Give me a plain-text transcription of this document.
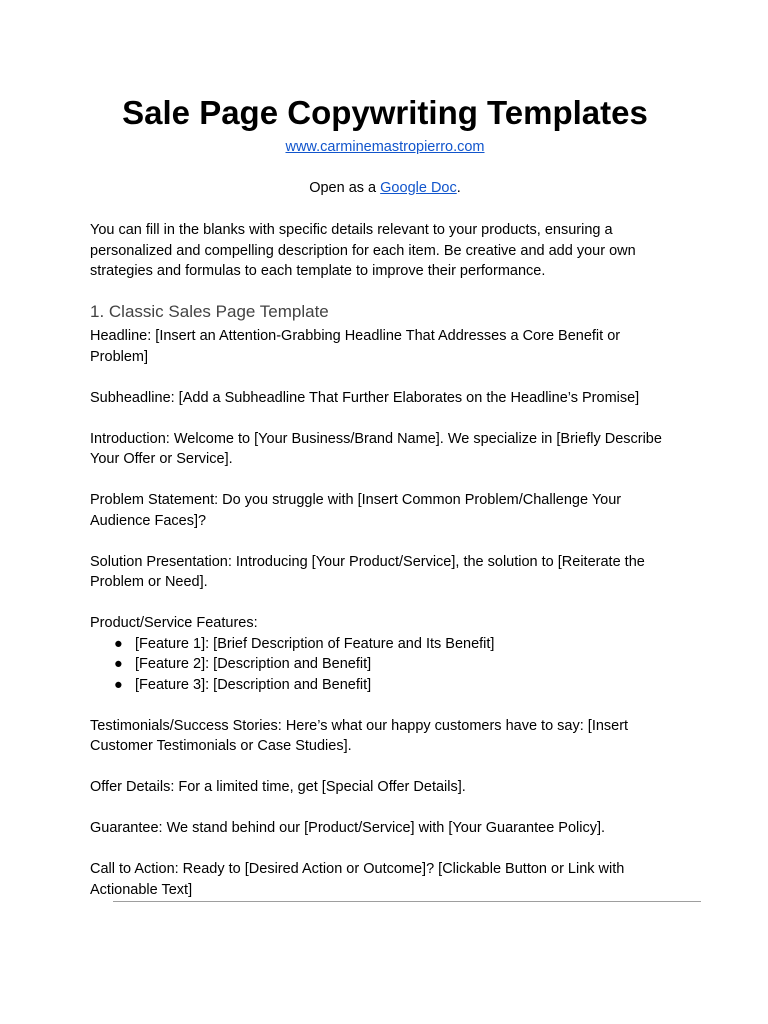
Sale Page Copywriting Templates
www.carminemastropierro.com
Open as a Google Doc.

You can fill in the blanks with specific details relevant to your products, ensuring a personalized and compelling description for each item. Be creative and add your own strategies and formulas to each template to improve their performance.

1. Classic Sales Page Template

Headline: [Insert an Attention-Grabbing Headline That Addresses a Core Benefit or Problem]

Subheadline: [Add a Subheadline That Further Elaborates on the Headline’s Promise]

Introduction: Welcome to [Your Business/Brand Name]. We specialize in [Briefly Describe Your Offer or Service].

Problem Statement: Do you struggle with [Insert Common Problem/Challenge Your Audience Faces]?

Solution Presentation: Introducing [Your Product/Service], the solution to [Reiterate the Problem or Need].

Product/Service Features:

● [Feature 1]: [Brief Description of Feature and Its Benefit]
● [Feature 2]: [Description and Benefit]
● [Feature 3]: [Description and Benefit]

Testimonials/Success Stories: Here’s what our happy customers have to say: [Insert Customer Testimonials or Case Studies].

Offer Details: For a limited time, get [Special Offer Details].

Guarantee: We stand behind our [Product/Service] with [Your Guarantee Policy].

Call to Action: Ready to [Desired Action or Outcome]? [Clickable Button or Link with Actionable Text]
